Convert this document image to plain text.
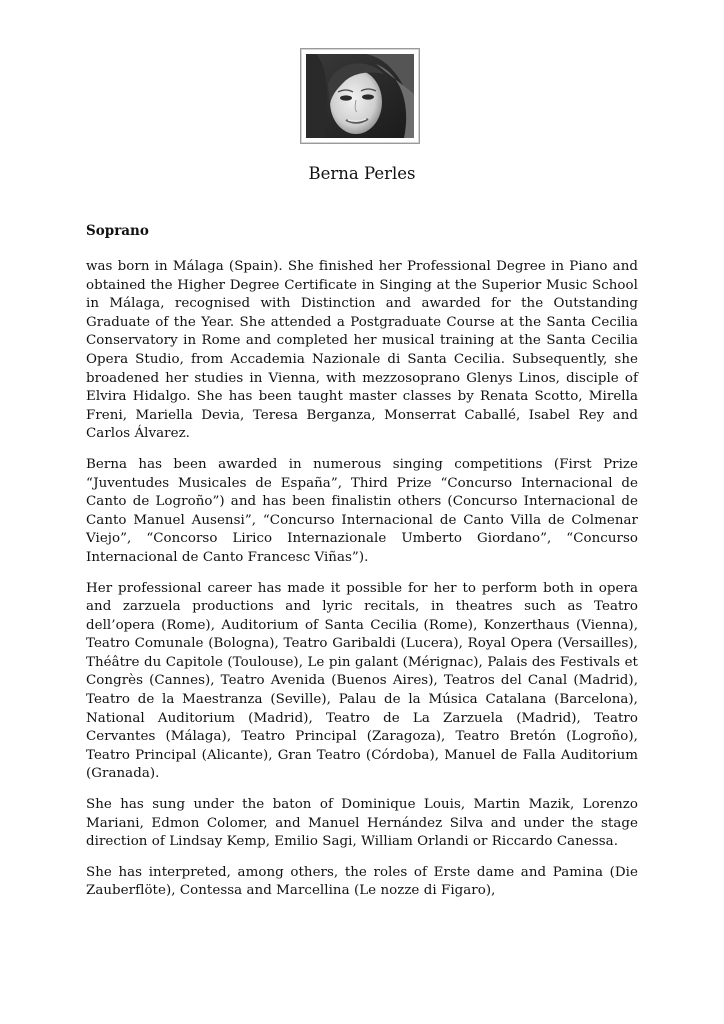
Berna Perles
Soprano

was born in Málaga (Spain). She finished her Professional Degree in Piano and obtained the Higher Degree Certificate in Singing at the Superior Music School in Málaga, recognised with Distinction and awarded for the Outstanding Graduate of the Year. She attended a Postgraduate Course at the Santa Cecilia Conservatory in Rome and completed her musical training at the Santa Cecilia Opera Studio, from Accademia Nazionale di Santa Cecilia. Subsequently, she broadened her studies in Vienna, with mezzosoprano Glenys Linos, disciple of Elvira Hidalgo. She has been taught master classes by Renata Scotto, Mirella Freni, Mariella Devia, Teresa Berganza, Monserrat Caballé, Isabel Rey and Carlos Álvarez.

Berna has been awarded in numerous singing competitions (First Prize “Juventudes Musicales de España”, Third Prize “Concurso Internacional de Canto de Logroño”) and has been finalistin others (Concurso Internacional de Canto Manuel Ausensi”, “Concurso Internacional de Canto Villa de Colmenar Viejo”, “Concorso Lirico Internazionale Umberto Giordano”, “Concurso Internacional de Canto Francesc Viñas”).

Her professional career has made it possible for her to perform both in opera and zarzuela productions and lyric recitals, in theatres such as Teatro dell’opera (Rome), Auditorium of Santa Cecilia (Rome), Konzerthaus (Vienna), Teatro Comunale (Bologna), Teatro Garibaldi (Lucera), Royal Opera (Versailles), Théâtre du Capitole (Toulouse), Le pin galant (Mérignac), Palais des Festivals et Congrès (Cannes), Teatro Avenida (Buenos Aires), Teatros del Canal (Madrid), Teatro de la Maestranza (Seville), Palau de la Música Catalana (Barcelona), National Auditorium (Madrid), Teatro de La Zarzuela (Madrid), Teatro Cervantes (Málaga), Teatro Principal (Zaragoza), Teatro Bretón (Logroño), Teatro Principal (Alicante), Gran Teatro (Córdoba), Manuel de Falla Auditorium (Granada).

She has sung under the baton of Dominique Louis, Martin Mazik, Lorenzo Mariani, Edmon Colomer, and Manuel Hernández Silva and under the stage direction of Lindsay Kemp, Emilio Sagi, William Orlandi or Riccardo Canessa.

She has interpreted, among others, the roles of Erste dame and Pamina (Die Zauberflöte), Contessa and Marcellina (Le nozze di Figaro),
